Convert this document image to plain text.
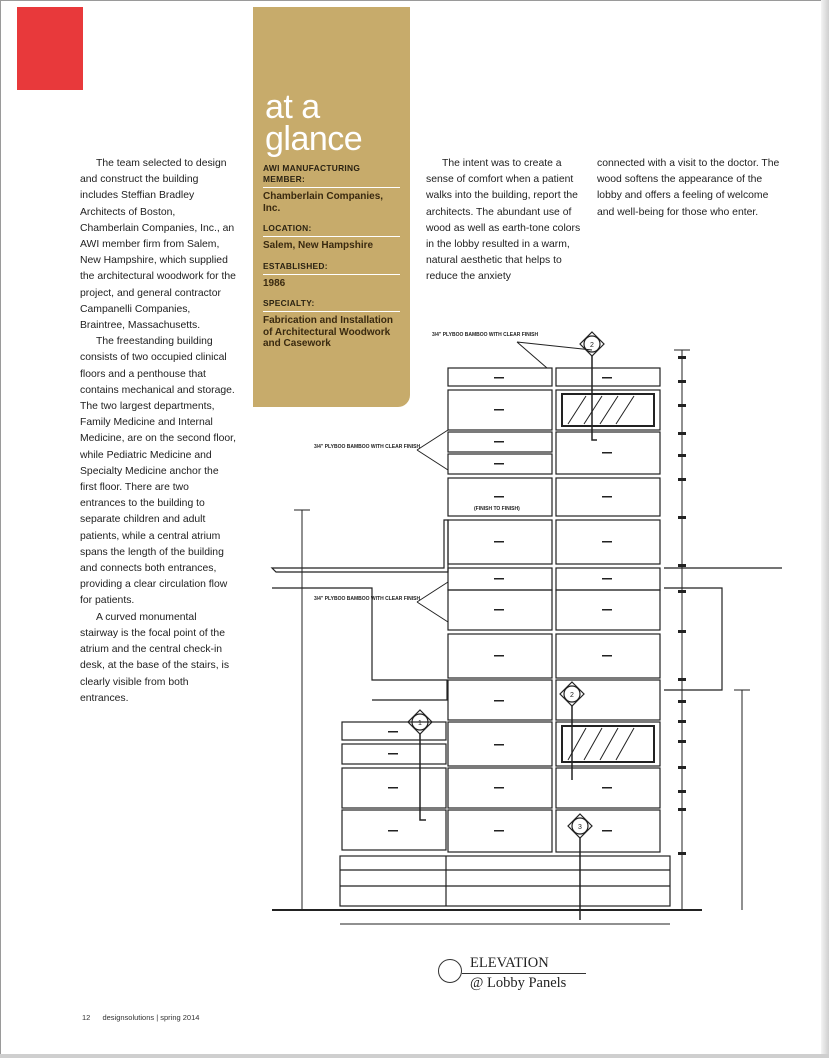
The team selected to design and construct the building includes Steffian Bradley Architects of Boston, Chamberlain Companies, Inc., an AWI member firm from Salem, New Hampshire, which supplied the architectural woodwork for the project, and general contractor Campanelli Companies, Braintree, Massachusetts.

The freestanding building consists of two occupied clinical floors and a penthouse that contains mechanical and storage. The two largest departments, Family Medicine and Internal Medicine, are on the second floor, while Pediatric Medicine and Specialty Medicine anchor the first floor. There are two entrances to the building to separate children and adult patients, while a central atrium spans the length of the building and connects both entrances, providing a clear circulation flow for patients.

A curved monumental stairway is the focal point of the atrium and the central check-in desk, at the base of the stairs, is clearly visible from both entrances.

at a
glance
AWI MANUFACTURING MEMBER:
Chamberlain Companies, Inc.
LOCATION:
Salem, New Hampshire
ESTABLISHED:
1986
SPECIALTY:
Fabrication and Installation of Architectural Woodwork and Casework

The intent was to create a sense of comfort when a patient walks into the building, report the architects. The abundant use of wood as well as earth-tone colors in the lobby resulted in a warm, natural aesthetic that helps to reduce the anxiety

connected with a visit to the doctor. The wood softens the appearance of the lobby and offers a feeling of welcome and well-being for those who enter.

3/4" PLYBOO BAMBOO WITH CLEAR FINISH
3/4" PLYBOO BAMBOO WITH CLEAR FINISH
3/4" PLYBOO BAMBOO WITH CLEAR FINISH
(FINISH TO FINISH)
2
1
2
3
ELEVATION
@ Lobby Panels
12 designsolutions | spring 2014
